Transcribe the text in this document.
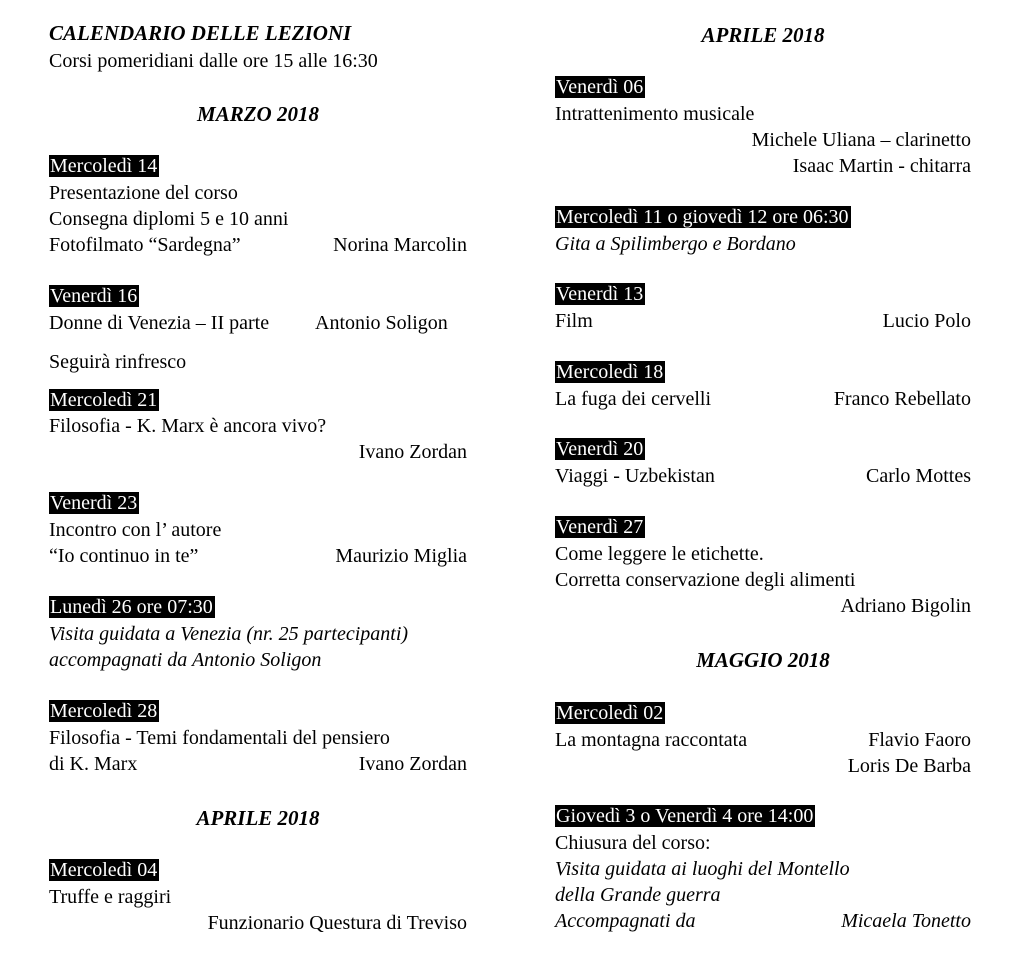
CALENDARIO DELLE LEZIONI
Corsi pomeridiani dalle ore 15 alle 16:30
MARZO 2018
Mercoledì 14
Presentazione del corso
Consegna diplomi 5 e 10 anni
Fotofilmato “Sardegna”	Norina Marcolin
Venerdì 16
Donne di Venezia – II parte Antonio Soligon
Seguirà rinfresco
Mercoledì 21
Filosofia - K. Marx è ancora vivo?
Ivano Zordan
Venerdì 23
Incontro con l’ autore
“Io continuo in te”	Maurizio Miglia
Lunedì 26 ore 07:30
Visita guidata a Venezia (nr. 25 partecipanti)
accompagnati da Antonio Soligon
Mercoledì 28
Filosofia - Temi fondamentali del pensiero
di K. Marx	Ivano Zordan
APRILE 2018
Mercoledì 04
Truffe e raggiri
Funzionario Questura di Treviso
APRILE 2018
Venerdì 06
Intrattenimento musicale
Michele Uliana – clarinetto
Isaac Martin - chitarra
Mercoledì 11 o giovedì 12 ore 06:30
Gita a Spilimbergo e Bordano
Venerdì 13
Film	Lucio Polo
Mercoledì 18
La fuga dei cervelli	Franco Rebellato
Venerdì 20
Viaggi - Uzbekistan	Carlo Mottes
Venerdì 27
Come leggere le etichette.
Corretta conservazione degli alimenti
Adriano Bigolin
MAGGIO 2018
Mercoledì 02
La montagna raccontata	Flavio Faoro
Loris De Barba
Giovedì 3 o Venerdì 4 ore 14:00
Chiusura del corso:
Visita guidata ai luoghi del Montello
della Grande guerra
Accompagnati da	Micaela Tonetto
